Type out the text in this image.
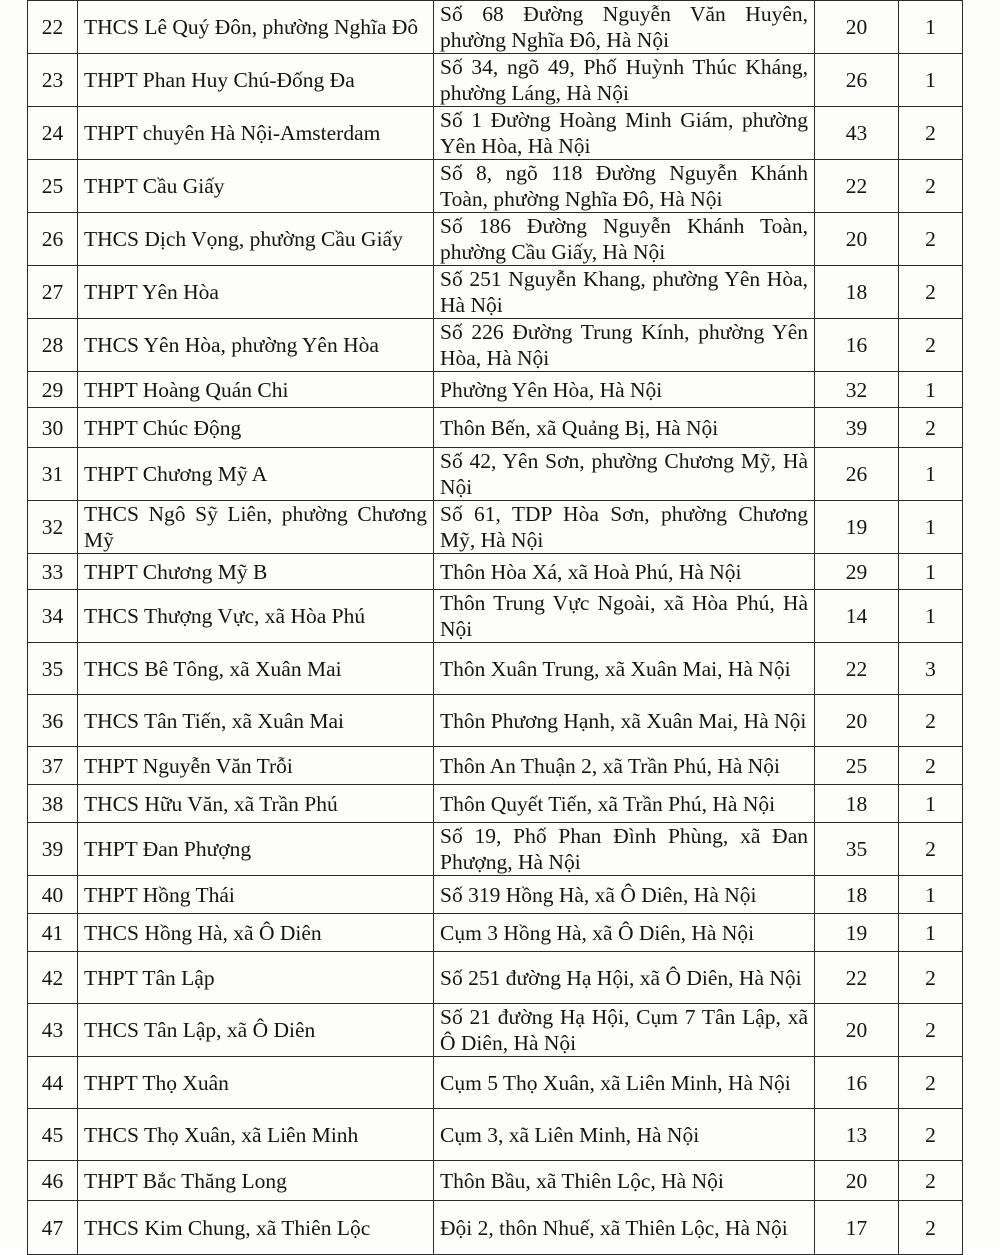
22	THCS Lê Quý Đôn, phường Nghĩa Đô	Số 68 Đường Nguyễn Văn Huyên, phường Nghĩa Đô, Hà Nội	20	1
23	THPT Phan Huy Chú-Đống Đa	Số 34, ngõ 49, Phố Huỳnh Thúc Kháng, phường Láng, Hà Nội	26	1
24	THPT chuyên Hà Nội-Amsterdam	Số 1 Đường Hoàng Minh Giám, phường Yên Hòa, Hà Nội	43	2
25	THPT Cầu Giấy	Số 8, ngõ 118 Đường Nguyễn Khánh Toàn, phường Nghĩa Đô, Hà Nội	22	2
26	THCS Dịch Vọng, phường Cầu Giấy	Số 186 Đường Nguyễn Khánh Toàn, phường Cầu Giấy, Hà Nội	20	2
27	THPT Yên Hòa	Số 251 Nguyễn Khang, phường Yên Hòa, Hà Nội	18	2
28	THCS Yên Hòa, phường Yên Hòa	Số 226 Đường Trung Kính, phường Yên Hòa, Hà Nội	16	2
29	THPT Hoàng Quán Chi	Phường Yên Hòa, Hà Nội	32	1
30	THPT Chúc Động	Thôn Bến, xã Quảng Bị, Hà Nội	39	2
31	THPT Chương Mỹ A	Số 42, Yên Sơn, phường Chương Mỹ, Hà Nội	26	1
32	THCS Ngô Sỹ Liên, phường Chương Mỹ	Số 61, TDP Hòa Sơn, phường Chương Mỹ, Hà Nội	19	1
33	THPT Chương Mỹ B	Thôn Hòa Xá, xã Hoà Phú, Hà Nội	29	1
34	THCS Thượng Vực, xã Hòa Phú	Thôn Trung Vực Ngoài, xã Hòa Phú, Hà Nội	14	1
35	THCS Bê Tông, xã Xuân Mai	Thôn Xuân Trung, xã Xuân Mai, Hà Nội	22	3
36	THCS Tân Tiến, xã Xuân Mai	Thôn Phương Hạnh, xã Xuân Mai, Hà Nội	20	2
37	THPT Nguyễn Văn Trỗi	Thôn An Thuận 2, xã Trần Phú, Hà Nội	25	2
38	THCS Hữu Văn, xã Trần Phú	Thôn Quyết Tiến, xã Trần Phú, Hà Nội	18	1
39	THPT Đan Phượng	Số 19, Phố Phan Đình Phùng, xã Đan Phượng, Hà Nội	35	2
40	THPT Hồng Thái	Số 319 Hồng Hà, xã Ô Diên, Hà Nội	18	1
41	THCS Hồng Hà, xã Ô Diên	Cụm 3 Hồng Hà, xã Ô Diên, Hà Nội	19	1
42	THPT Tân Lập	Số 251 đường Hạ Hội, xã Ô Diên, Hà Nội	22	2
43	THCS Tân Lập, xã Ô Diên	Số 21 đường Hạ Hội, Cụm 7 Tân Lập, xã Ô Diên, Hà Nội	20	2
44	THPT Thọ Xuân	Cụm 5 Thọ Xuân, xã Liên Minh, Hà Nội	16	2
45	THCS Thọ Xuân, xã Liên Minh	Cụm 3, xã Liên Minh, Hà Nội	13	2
46	THPT Bắc Thăng Long	Thôn Bầu, xã Thiên Lộc, Hà Nội	20	2
47	THCS Kim Chung, xã Thiên Lộc	Đội 2, thôn Nhuế, xã Thiên Lộc, Hà Nội	17	2
